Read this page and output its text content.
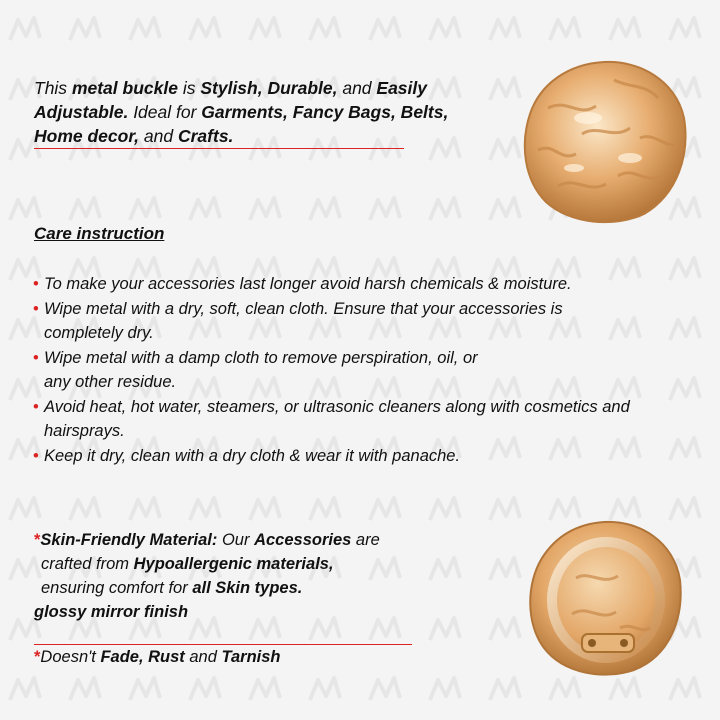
This metal buckle is Stylish, Durable, and Easily Adjustable. Ideal for Garments, Fancy Bags, Belts, Home decor, and Crafts.
Care instruction
• To make your accessories last longer avoid harsh chemicals & moisture.
• Wipe metal with a dry, soft, clean cloth. Ensure that your accessories is completely dry.
• Wipe metal with a damp cloth to remove perspiration, oil, or any other residue.
• Avoid heat, hot water, steamers, or ultrasonic cleaners along with cosmetics and hairsprays.
• Keep it dry, clean with a dry cloth & wear it with panache.
*Skin-Friendly Material: Our Accessories are
crafted from Hypoallergenic materials,
ensuring comfort for all Skin types.
glossy mirror finish
*Doesn't Fade, Rust and Tarnish
